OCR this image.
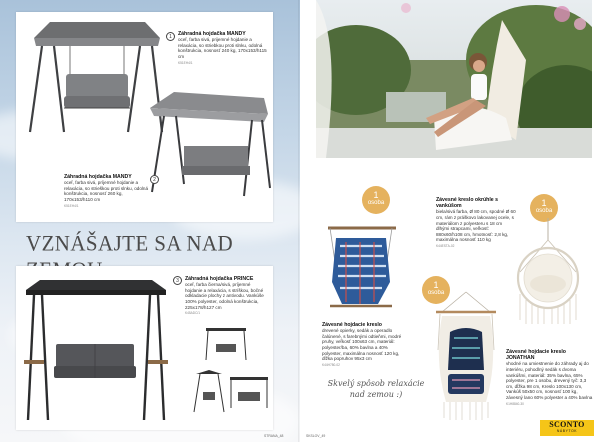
1	Záhradná hojdačka MANDY
oceľ, farba sivá, prijemné hojdanie a relaxácia, so striebkou proti slnku, odolná konštrukcia, nosnosť 240 kg, 170x153/h115 cm
K51EH4/1
2
Záhradná hojdačka MANDY
oceľ, farba sivá, príjemné hojdanie a relaxácia, so strieškou proti slnku, odolná konštrukcia, nosnosť 260 kg, 170x153/h110 cm
K51EH4/1
VZNÁŠAJTE SA NAD
3	Záhradná hojdačka PRINCE
oceľ, farba čierna/sivá, príjemné hojdanie a relaxácia, s stríškou, bočné odkladacie plochy z antivodu. Vankúše 100% polyester, odolná konštrukcia, 225x178/h127 cm
K45ADC/1
STRANA_48
1
osoba
Závesné hojdacie kreslo
drevené opierky, sedák a operadlo čalúnené, s farebnými odtieňmi, modré pruhy, veľkosť 100x63 cm, materiál: polyester/ba, 60% bavlna a 40% polyester, maximálna nosnosť 120 kg, dĺžka popruhov 95x3 cm
K44H780-02
Závesné kreslo okrúhle s vankúšom
biela/sivá farba, Ø 80 cm, spodné Ø 60 cm, rám z práškovo lakovanej ocele, s materiálom z polyesteru s 18 cm dlhými strapcami, veľkosť: 880x60/h108 cm, hmotnosť: 2,8 kg, maximálna nosnosť 110 kg
K44ESTA-02
1
osoba
1
osoba
Závesné hojdacie kreslo JONATHAN
vhodné na umiestnenie do záhrady aj do interiéru, pohodlný sedák s dvoma vankúšmi, materiál: 35% bavlna, 65% polyester, pre 1 osobu, drevený tyč: 3,3 cm, dĺžka 98 cm, Kreslo 100x130 cm, Vankúš 50x50 cm, nosnosť 100 kg, závesný lano 60% polyester a 40% bavlna
K1H8840-30
SKSLOV_49
Skvelý spôsob relaxácie
nad zemou :)
SCONTO
NÁBYTOK
